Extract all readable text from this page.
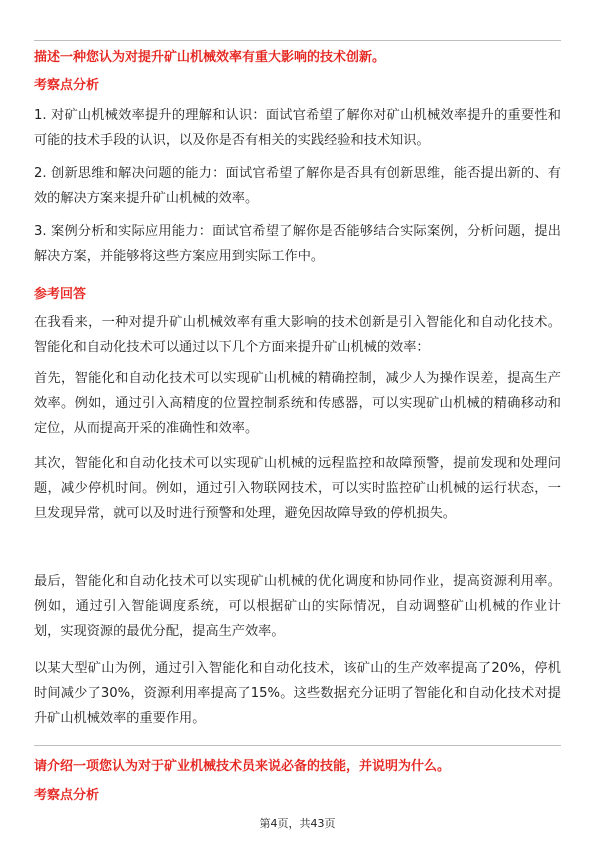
描述一种您认为对提升矿山机械效率有重大影响的技术创新。
考察点分析
1. 对矿山机械效率提升的理解和认识：面试官希望了解你对矿山机械效率提升的重要性和可能的技术手段的认识，以及你是否有相关的实践经验和技术知识。
2. 创新思维和解决问题的能力：面试官希望了解你是否具有创新思维，能否提出新的、有效的解决方案来提升矿山机械的效率。
3. 案例分析和实际应用能力：面试官希望了解你是否能够结合实际案例，分析问题，提出解决方案，并能够将这些方案应用到实际工作中。
参考回答
在我看来，一种对提升矿山机械效率有重大影响的技术创新是引入智能化和自动化技术。智能化和自动化技术可以通过以下几个方面来提升矿山机械的效率：
首先，智能化和自动化技术可以实现矿山机械的精确控制，减少人为操作误差，提高生产效率。例如，通过引入高精度的位置控制系统和传感器，可以实现矿山机械的精确移动和定位，从而提高开采的准确性和效率。
其次，智能化和自动化技术可以实现矿山机械的远程监控和故障预警，提前发现和处理问题，减少停机时间。例如，通过引入物联网技术，可以实时监控矿山机械的运行状态，一旦发现异常，就可以及时进行预警和处理，避免因故障导致的停机损失。
最后，智能化和自动化技术可以实现矿山机械的优化调度和协同作业，提高资源利用率。例如，通过引入智能调度系统，可以根据矿山的实际情况，自动调整矿山机械的作业计划，实现资源的最优分配，提高生产效率。
以某大型矿山为例，通过引入智能化和自动化技术，该矿山的生产效率提高了20%，停机时间减少了30%，资源利用率提高了15%。这些数据充分证明了智能化和自动化技术对提升矿山机械效率的重要作用。
请介绍一项您认为对于矿业机械技术员来说必备的技能，并说明为什么。
考察点分析
第4页，共43页
